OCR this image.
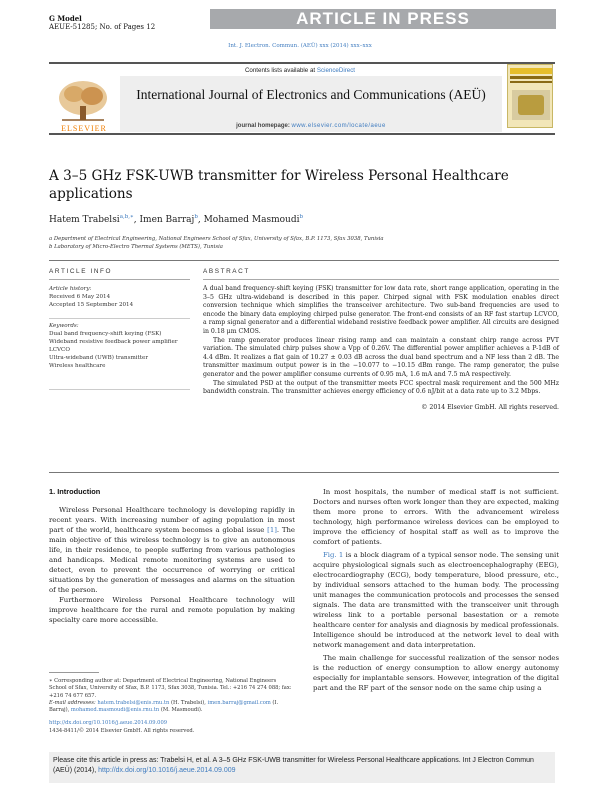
G Model
AEUE-51285; No. of Pages 12	ARTICLE IN PRESS
Int. J. Electron. Commun. (AEÜ) xxx (2014) xxx–xxx
Contents lists available at ScienceDirect
ELSEVIER
International Journal of Electronics and Communications (AEÜ)
journal homepage: www.elsevier.com/locate/aeue
A 3–5 GHz FSK-UWB transmitter for Wireless Personal Healthcare applications
Hatem Trabelsi$^{a,b,∗}$, Imen Barraj$^b$, Mohamed Masmoudi$^b$
a Department of Electrical Engineering, National Engineers School of Sfax, University of Sfax, B.P. 1173, Sfax 3038, Tunisia
b Laboratory of Micro-Electro Thermal Systems (METS), Tunisia
ARTICLE INFO
Article history:
Received 6 May 2014
Accepted 15 September 2014
Keywords:
Dual band frequency-shift keying (FSK)
Wideband resistive feedback power amplifier
LCVCO
Ultra-wideband (UWB) transmitter
Wireless healthcare
ABSTRACT

A dual band frequency-shift keying (FSK) transmitter for low data rate, short range application, operating in the 3–5 GHz ultra-wideband is described in this paper. Chirped signal with FSK modulation enables direct conversion technique which simplifies the transceiver architecture. Two sub-band frequencies are used to encode the binary data employing chirped pulse generator. The front-end consists of an RF fast startup LCVCO, a ramp signal generator and a differential wideband resistive feedback power amplifier. All circuits are designed in 0.18 μm CMOS.

The ramp generator produces linear rising ramp and can maintain a constant chirp range across PVT variation. The simulated chirp pulses show a Vpp of 0.26V. The differential power amplifier achieves a P-1dB of 4.4 dBm. It realizes a flat gain of 10.27 ± 0.03 dB across the dual band spectrum and a NF less than 2 dB. The transmitter maximum output power is in the −10.077 to −10.15 dBm range. The ramp generator, the pulse generator and the power amplifier consume currents of 0.95 mA, 1.6 mA and 7.5 mA respectively.

The simulated PSD at the output of the transmitter meets FCC spectral mask requirement and the 500 MHz bandwidth constrain. The transmitter achieves energy efficiency of 0.6 nJ/bit at a data rate up to 3.2 Mbps.

© 2014 Elsevier GmbH. All rights reserved.

1. Introduction

Wireless Personal Healthcare technology is developing rapidly in recent years. With increasing number of aging population in most part of the world, healthcare system becomes a global issue [1]. The main objective of this wireless technology is to give an autonomous life, in their residence, to people suffering from various pathologies and handicaps. Medical remote monitoring systems are used to detect, even to prevent the occurrence of worrying or critical situations by the generation of messages and alarms on the situation of the person.

Furthermore Wireless Personal Healthcare technology will improve healthcare for the rural and remote population by making specialty care more accessible.

In most hospitals, the number of medical staff is not sufficient. Doctors and nurses often work longer than they are expected, making them more prone to errors. With the advancement wireless technology, high performance wireless devices can be employed to improve the efficiency of hospital staff as well as to improve the comfort of patients.

Fig. 1 is a block diagram of a typical sensor node. The sensing unit acquire physiological signals such as electroencephalography (EEG), electrocardiography (ECG), body temperature, blood pressure, etc., by individual sensors attached to the human body. The processing unit manages the communication protocols and processes the sensed signals. The data are transmitted with the transceiver unit through wireless link to a portable personal basestation or a remote healthcare center for analysis and diagnosis by medical professionals. Intelligence should be introduced at the network level to deal with network management and data interpretation.

The main challenge for successful realization of the sensor nodes is the reduction of energy consumption to allow energy autonomy especially for implantable sensors. However, integration of the digital part and the RF part of the sensor node on the same chip using a

∗ Corresponding author at: Department of Electrical Engineering, National Engineers School of Sfax, University of Sfax, B.P. 1173, Sfax 3038, Tunisia. Tel.: +216 74 274 088; fax: +216 74 677 657.
E-mail addresses: hatem.trabelsi@enis.rnu.tn (H. Trabelsi), imen.barraj@gmail.com (I. Barraj), mohamed.masmoudi@enis.rnu.tn (M. Masmoudi).
http://dx.doi.org/10.1016/j.aeue.2014.09.009
1434-8411/© 2014 Elsevier GmbH. All rights reserved.
Please cite this article in press as: Trabelsi H, et al. A 3–5 GHz FSK-UWB transmitter for Wireless Personal Healthcare applications. Int J Electron Commun (AEÜ) (2014), http://dx.doi.org/10.1016/j.aeue.2014.09.009
